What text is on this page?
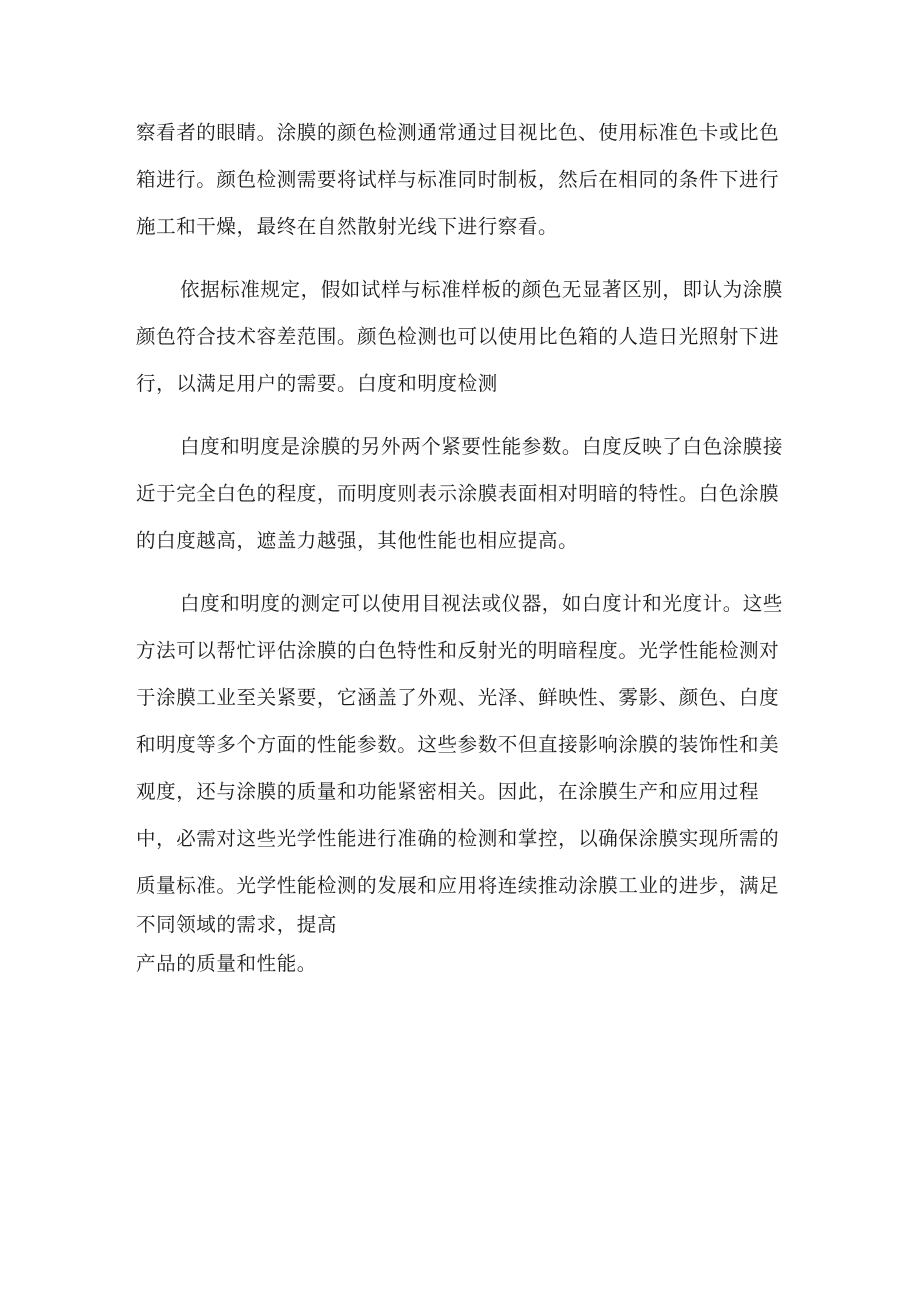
察看者的眼睛。涂膜的颜色检测通常通过目视比色、使用标准色卡或比色
箱进行。颜色检测需要将试样与标准同时制板，然后在相同的条件下进行
施工和干燥，最终在自然散射光线下进行察看。
依据标准规定，假如试样与标准样板的颜色无显著区别，即认为涂膜
颜色符合技术容差范围。颜色检测也可以使用比色箱的人造日光照射下进
行，以满足用户的需要。白度和明度检测
白度和明度是涂膜的另外两个紧要性能参数。白度反映了白色涂膜接
近于完全白色的程度，而明度则表示涂膜表面相对明暗的特性。白色涂膜
的白度越高，遮盖力越强，其他性能也相应提高。
白度和明度的测定可以使用目视法或仪器，如白度计和光度计。这些
方法可以帮忙评估涂膜的白色特性和反射光的明暗程度。光学性能检测对
于涂膜工业至关紧要，它涵盖了外观、光泽、鲜映性、雾影、颜色、白度
和明度等多个方面的性能参数。这些参数不但直接影响涂膜的装饰性和美
观度，还与涂膜的质量和功能紧密相关。因此，在涂膜生产和应用过程
中，必需对这些光学性能进行准确的检测和掌控，以确保涂膜实现所需的
质量标准。光学性能检测的发展和应用将连续推动涂膜工业的进步，满足
不同领域的需求，提高
产品的质量和性能。
